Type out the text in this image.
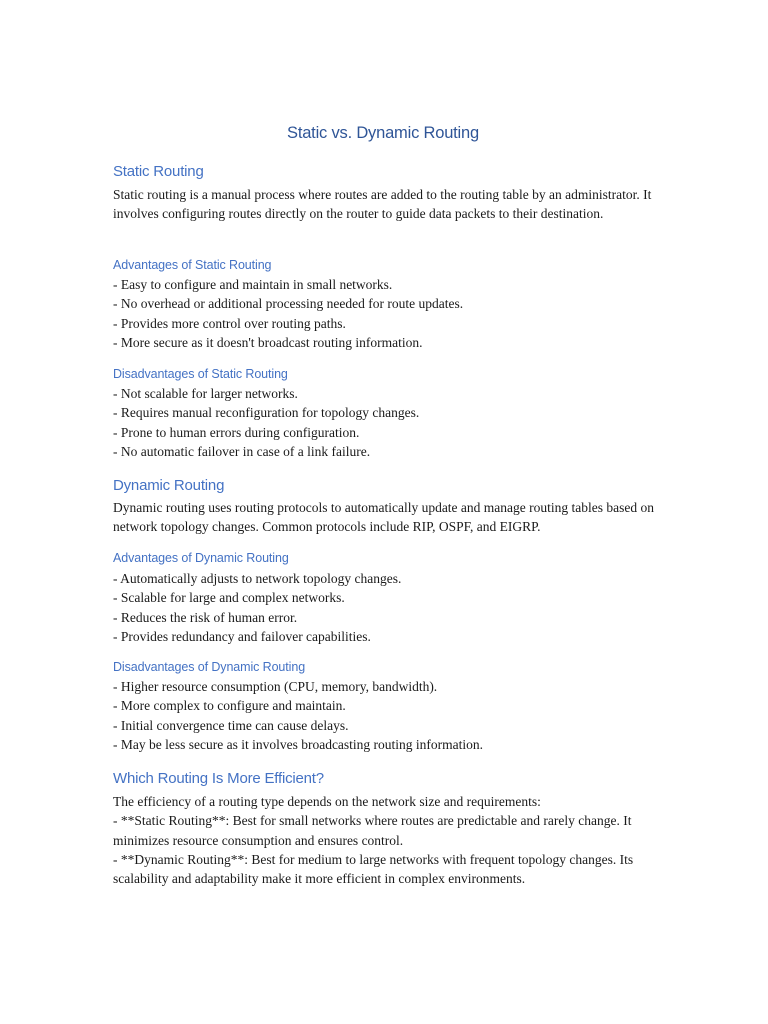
Static vs. Dynamic Routing
Static Routing

Static routing is a manual process where routes are added to the routing table by an administrator. It involves configuring routes directly on the router to guide data packets to their destination.

Advantages of Static Routing
- Easy to configure and maintain in small networks.
- No overhead or additional processing needed for route updates.
- Provides more control over routing paths.
- More secure as it doesn't broadcast routing information.
Disadvantages of Static Routing
- Not scalable for larger networks.
- Requires manual reconfiguration for topology changes.
- Prone to human errors during configuration.
- No automatic failover in case of a link failure.
Dynamic Routing

Dynamic routing uses routing protocols to automatically update and manage routing tables based on network topology changes. Common protocols include RIP, OSPF, and EIGRP.

Advantages of Dynamic Routing
- Automatically adjusts to network topology changes.
- Scalable for large and complex networks.
- Reduces the risk of human error.
- Provides redundancy and failover capabilities.
Disadvantages of Dynamic Routing
- Higher resource consumption (CPU, memory, bandwidth).
- More complex to configure and maintain.
- Initial convergence time can cause delays.
- May be less secure as it involves broadcasting routing information.
Which Routing Is More Efficient?

The efficiency of a routing type depends on the network size and requirements:
- **Static Routing**: Best for small networks where routes are predictable and rarely change. It minimizes resource consumption and ensures control.
- **Dynamic Routing**: Best for medium to large networks with frequent topology changes. Its scalability and adaptability make it more efficient in complex environments.
